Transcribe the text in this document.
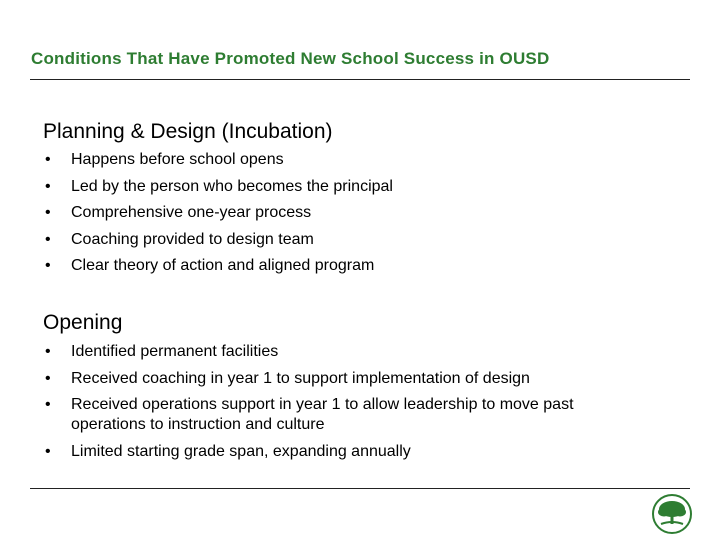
Conditions That Have Promoted New School Success in OUSD
Planning & Design (Incubation)
• Happens before school opens
• Led by the person who becomes the principal
• Comprehensive one-year process
• Coaching provided to design team
• Clear theory of action and aligned program
Opening
• Identified permanent facilities
• Received coaching in year 1 to support implementation of design
• Received operations support in year 1 to allow leadership to move past operations to instruction and culture
• Limited starting grade span, expanding annually
